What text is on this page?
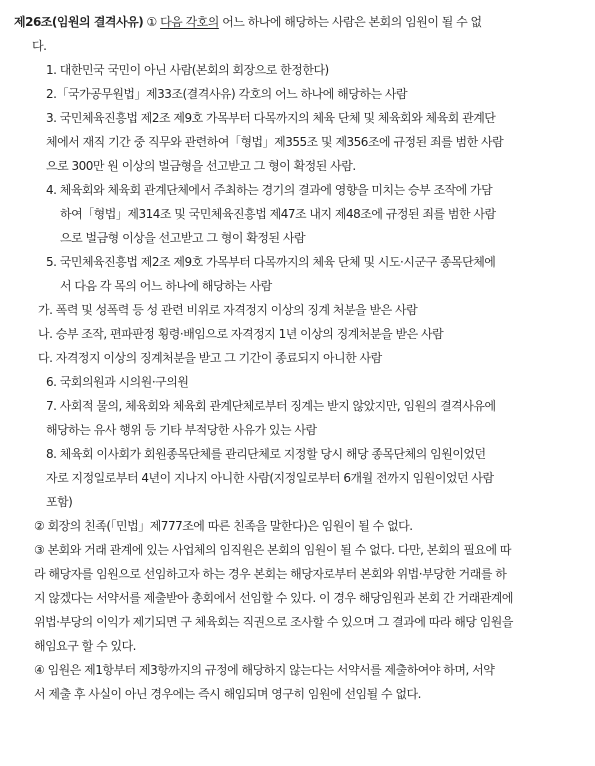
제26조(임원의 결격사유) ① 다음 각호의 어느 하나에 해당하는 사람은 본회의 임원이 될 수 없
다.
1. 대한민국 국민이 아닌 사람(본회의 회장으로 한정한다)
2.「국가공무원법」제33조(결격사유) 각호의 어느 하나에 해당하는 사람
3. 국민체육진흥법 제2조 제9호 가목부터 다목까지의 체육 단체 및 체육회와 체육회 관계단
체에서 재직 기간 중 직무와 관련하여「형법」제355조 및 제356조에 규정된 죄를 범한 사람
으로 300만 원 이상의 벌금형을 선고받고 그 형이 확정된 사람.
4. 체육회와 체육회 관계단체에서 주최하는 경기의 결과에 영향을 미치는 승부 조작에 가담
하여「형법」제314조 및 국민체육진흥법 제47조 내지 제48조에 규정된 죄를 범한 사람
으로 벌금형 이상을 선고받고 그 형이 확정된 사람
5. 국민체육진흥법 제2조 제9호 가목부터 다목까지의 체육 단체 및 시도·시군구 종목단체에
서 다음 각 목의 어느 하나에 해당하는 사람
가. 폭력 및 성폭력 등 성 관련 비위로 자격정지 이상의 징계 처분을 받은 사람
나. 승부 조작, 편파판정 횡령·배임으로 자격정지 1년 이상의 징계처분을 받은 사람
다. 자격정지 이상의 징계처분을 받고 그 기간이 종료되지 아니한 사람
6. 국회의원과 시의원·구의원
7. 사회적 물의, 체육회와 체육회 관계단체로부터 징계는 받지 않았지만, 임원의 결격사유에
해당하는 유사 행위 등 기타 부적당한 사유가 있는 사람
8. 체육회 이사회가 회원종목단체를 관리단체로 지정할 당시 해당 종목단체의 임원이었던
자로 지정일로부터 4년이 지나지 아니한 사람(지정일로부터 6개월 전까지 임원이었던 사람
포함)
② 회장의 친족(「민법」제777조에 따른 친족을 말한다)은 임원이 될 수 없다.
③ 본회와 거래 관계에 있는 사업체의 임직원은 본회의 임원이 될 수 없다. 다만, 본회의 필요에 따
라 해당자를 임원으로 선임하고자 하는 경우 본회는 해당자로부터 본회와 위법·부당한 거래를 하
지 않겠다는 서약서를 제출받아 총회에서 선임할 수 있다. 이 경우 해당임원과 본회 간 거래관계에
위법·부당의 이익가 제기되면 구 체육회는 직권으로 조사할 수 있으며 그 결과에 따라 해당 임원을
해임요구 할 수 있다.
④ 임원은 제1항부터 제3항까지의 규정에 해당하지 않는다는 서약서를 제출하여야 하며, 서약
서 제출 후 사실이 아닌 경우에는 즉시 해임되며 영구히 임원에 선임될 수 없다.
